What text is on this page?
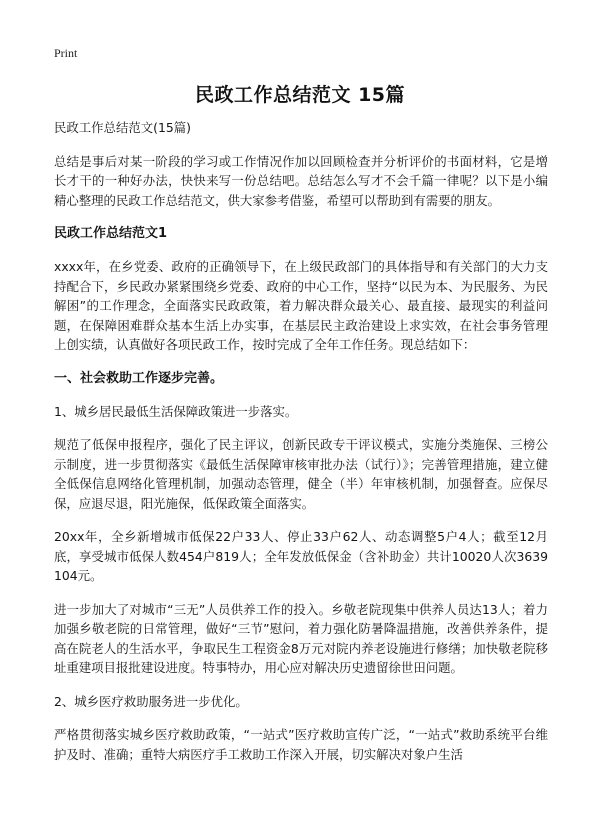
Print
民政工作总结范文 15篇

民政工作总结范文(15篇)

总结是事后对某一阶段的学习或工作情况作加以回顾检查并分析评价的书面材料，它是增长才干的一种好办法，快快来写一份总结吧。总结怎么写才不会千篇一律呢？以下是小编精心整理的民政工作总结范文，供大家参考借鉴，希望可以帮助到有需要的朋友。

民政工作总结范文1

xxxx年，在乡党委、政府的正确领导下，在上级民政部门的具体指导和有关部门的大力支持配合下，乡民政办紧紧围绕乡党委、政府的中心工作，坚持“以民为本、为民服务、为民解困”的工作理念，全面落实民政政策，着力解决群众最关心、最直接、最现实的利益问题，在保障困难群众基本生活上办实事，在基层民主政治建设上求实效，在社会事务管理上创实绩，认真做好各项民政工作，按时完成了全年工作任务。现总结如下：

一、社会救助工作逐步完善。

1、城乡居民最低生活保障政策进一步落实。

规范了低保申报程序，强化了民主评议，创新民政专干评议模式，实施分类施保、三榜公示制度，进一步贯彻落实《最低生活保障审核审批办法（试行）》；完善管理措施，建立健全低保信息网络化管理机制，加强动态管理，健全（半）年审核机制，加强督查。应保尽保，应退尽退，阳光施保，低保政策全面落实。

20xx年，全乡新增城市低保22户33人、停止33户62人、动态调整5户4人；截至12月底，享受城市低保人数454户819人；全年发放低保金（含补助金）共计10020人次3639104元。

进一步加大了对城市“三无”人员供养工作的投入。乡敬老院现集中供养人员达13人；着力加强乡敬老院的日常管理，做好“三节”慰问，着力强化防暑降温措施，改善供养条件，提高在院老人的生活水平，争取民生工程资金8万元对院内养老设施进行修缮；加快敬老院移址重建项目报批建设进度。特事特办，用心应对解决历史遗留徐世田问题。

2、城乡医疗救助服务进一步优化。

严格贯彻落实城乡医疗救助政策，“一站式”医疗救助宣传广泛，“一站式”救助系统平台维护及时、准确；重特大病医疗手工救助工作深入开展，切实解决对象户生活
